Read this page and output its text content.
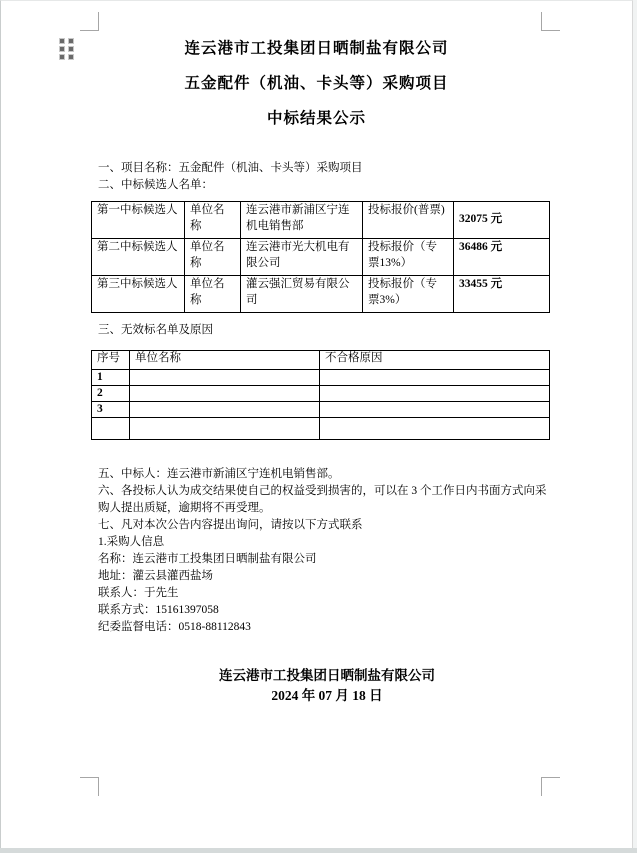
连云港市工投集团日晒制盐有限公司
五金配件（机油、卡头等）采购项目
中标结果公示

一、项目名称：五金配件（机油、卡头等）采购项目

二、中标候选人名单：

第一中标候选人	单位名称	连云港市新浦区宁连机电销售部	投标报价(普票)	32075 元
第二中标候选人	单位名称	连云港市光大机电有限公司	投标报价（专票13%）	36486 元
第三中标候选人	单位名称	灌云强汇贸易有限公司	投标报价（专票3%）	33455 元

三、无效标名单及原因

序号	单位名称	不合格原因
1		
2		
3		

五、中标人：连云港市新浦区宁连机电销售部。

六、各投标人认为成交结果使自己的权益受到损害的，可以在 3 个工作日内书面方式向采购人提出质疑，逾期将不再受理。

七、凡对本次公告内容提出询问，请按以下方式联系

1.采购人信息

名称：连云港市工投集团日晒制盐有限公司

地址：灌云县灌西盐场

联系人：于先生

联系方式：15161397058

纪委监督电话：0518-88112843

连云港市工投集团日晒制盐有限公司
2024 年 07 月 18 日
